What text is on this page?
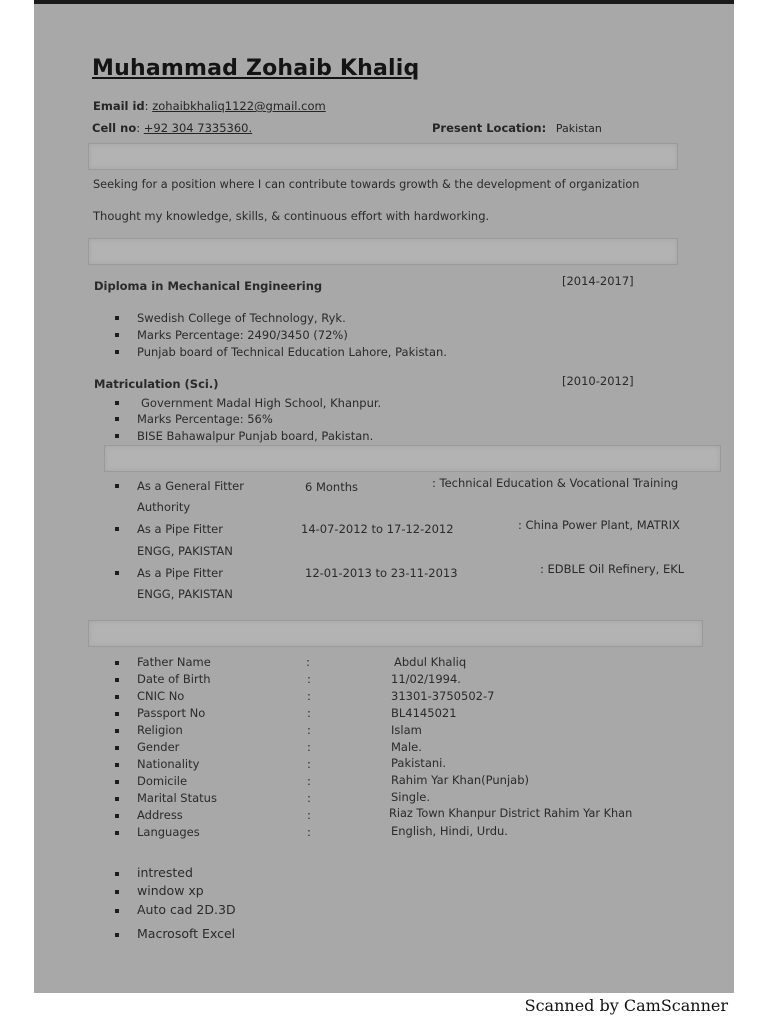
Muhammad Zohaib Khaliq
Email id: zohaibkhaliq1122@gmail.com
Cell no: +92 304 7335360.	Present Location: Pakistan
Seeking for a position where I can contribute towards growth & the development of organization
Thought my knowledge, skills, & continuous effort with hardworking.
Diploma in Mechanical Engineering	[2014-2017]
Swedish College of Technology, Ryk.
Marks Percentage: 2490/3450 (72%)
Punjab board of Technical Education Lahore, Pakistan.
Matriculation (Sci.)	[2010-2012]
Government Madal High School, Khanpur.
Marks Percentage: 56%
BISE Bahawalpur Punjab board, Pakistan.
As a General Fitter	6 Months	: Technical Education & Vocational Training
Authority
As a Pipe Fitter	14-07-2012 to 17-12-2012	: China Power Plant, MATRIX
ENGG, PAKISTAN
As a Pipe Fitter	12-01-2013 to 23-11-2013	: EDBLE Oil Refinery, EKL
ENGG, PAKISTAN
Father Name	:	Abdul Khaliq
Date of Birth	:	11/02/1994.
CNIC No	:	31301-3750502-7
Passport No	:	BL4145021
Religion	:	Islam
Gender	:	Male.
Nationality	:	Pakistani.
Domicile	:	Rahim Yar Khan(Punjab)
Marital Status	:	Single.
Address	:	Riaz Town Khanpur District Rahim Yar Khan
Languages	:	English, Hindi, Urdu.
intrested
window xp
Auto cad 2D.3D
Macrosoft Excel
Scanned by CamScanner
